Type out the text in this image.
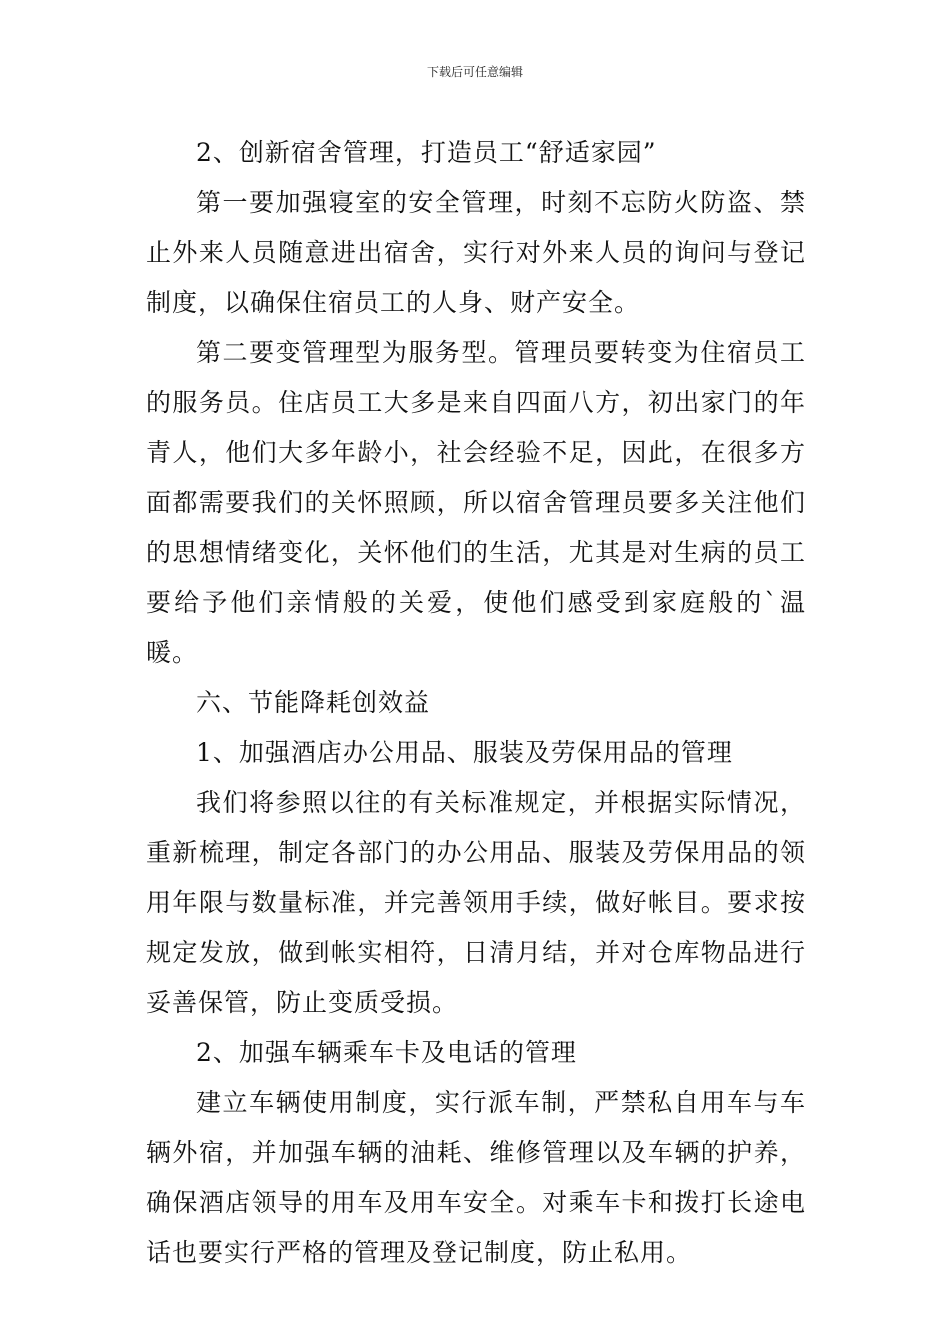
下载后可任意编辑

2、创新宿舍管理，打造员工“舒适家园”

第一要加强寝室的安全管理，时刻不忘防火防盗、禁止外来人员随意进出宿舍，实行对外来人员的询问与登记制度，以确保住宿员工的人身、财产安全。

第二要变管理型为服务型。管理员要转变为住宿员工的服务员。住店员工大多是来自四面八方，初出家门的年青人，他们大多年龄小，社会经验不足，因此，在很多方面都需要我们的关怀照顾，所以宿舍管理员要多关注他们的思想情绪变化，关怀他们的生活，尤其是对生病的员工要给予他们亲情般的关爱，使他们感受到家庭般的`温暖。

六、节能降耗创效益

1、加强酒店办公用品、服装及劳保用品的管理

我们将参照以往的有关标准规定，并根据实际情况，重新梳理，制定各部门的办公用品、服装及劳保用品的领用年限与数量标准，并完善领用手续，做好帐目。要求按规定发放，做到帐实相符，日清月结，并对仓库物品进行妥善保管，防止变质受损。

2、加强车辆乘车卡及电话的管理

建立车辆使用制度，实行派车制，严禁私自用车与车辆外宿，并加强车辆的油耗、维修管理以及车辆的护养，确保酒店领导的用车及用车安全。对乘车卡和拨打长途电话也要实行严格的管理及登记制度，防止私用。
